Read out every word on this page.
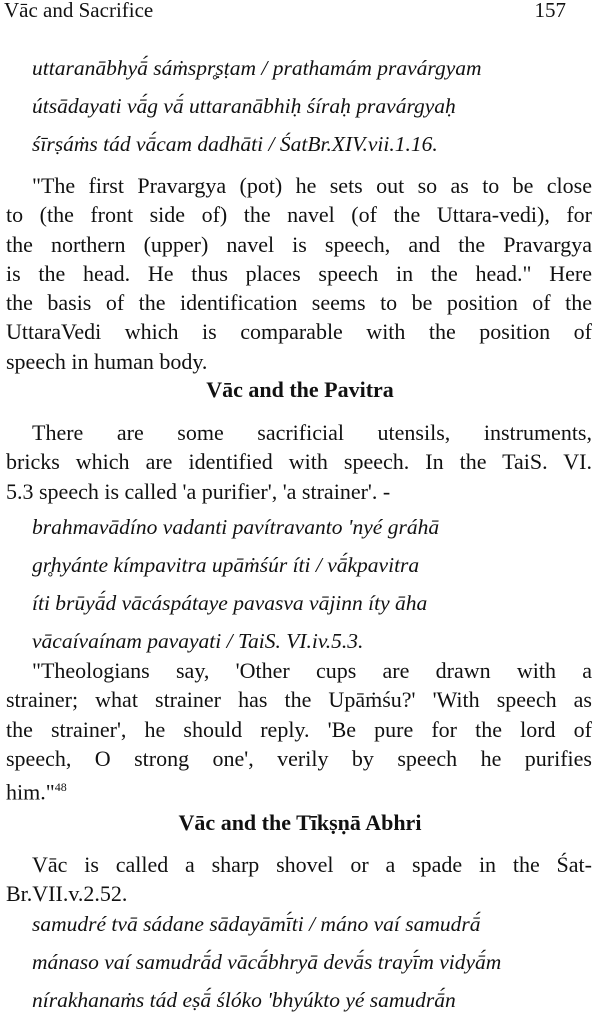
Vāc and Sacrifice	157
uttaranābhyā́ sáṁspr̥ṣṭam / prathamám pravárgyam
útsādayati vā́g vā́ uttaranābhiḥ śíraḥ pravárgyaḥ
śīrṣáṁs tád vā́cam dadhāti / ŚatBr.XIV.vii.1.16.
"The first Pravargya (pot) he sets out so as to be close
to (the front side of) the navel (of the Uttara-vedi), for
the northern (upper) navel is speech, and the Pravargya
is the head. He thus places speech in the head." Here
the basis of the identification seems to be position of the
UttaraVedi which is comparable with the position of
speech in human body.
Vāc and the Pavitra
There are some sacrificial utensils, instruments,
bricks which are identified with speech. In the TaiS. VI.
5.3 speech is called 'a purifier', 'a strainer'. -
brahmavādíno vadanti pavítravanto 'nyé gráhā
gr̥hyánte kímpavitra upāṁśúr íti / vā́kpavitra
íti brūyā́d vācáspátaye pavasva vājinn íty āha
vācaívaínam pavayati / TaiS. VI.iv.5.3.
"Theologians say, 'Other cups are drawn with a
strainer; what strainer has the Upāṁśu?' 'With speech as
the strainer', he should reply. 'Be pure for the lord of
speech, O strong one', verily by speech he purifies
him."$^{48}$
Vāc and the Tīkṣṇā Abhri
Vāc is called a sharp shovel or a spade in the Śat-
Br.VII.v.2.52.
samudré tvā sádane sādayāmī́ti / máno vaí samudrā́
mánaso vaí samudrā́d vācā́bhryā devā́s trayī́m vidyā́m
nírakhanaṁs tád eṣā́ ślóko 'bhyúkto yé samudrā́n
